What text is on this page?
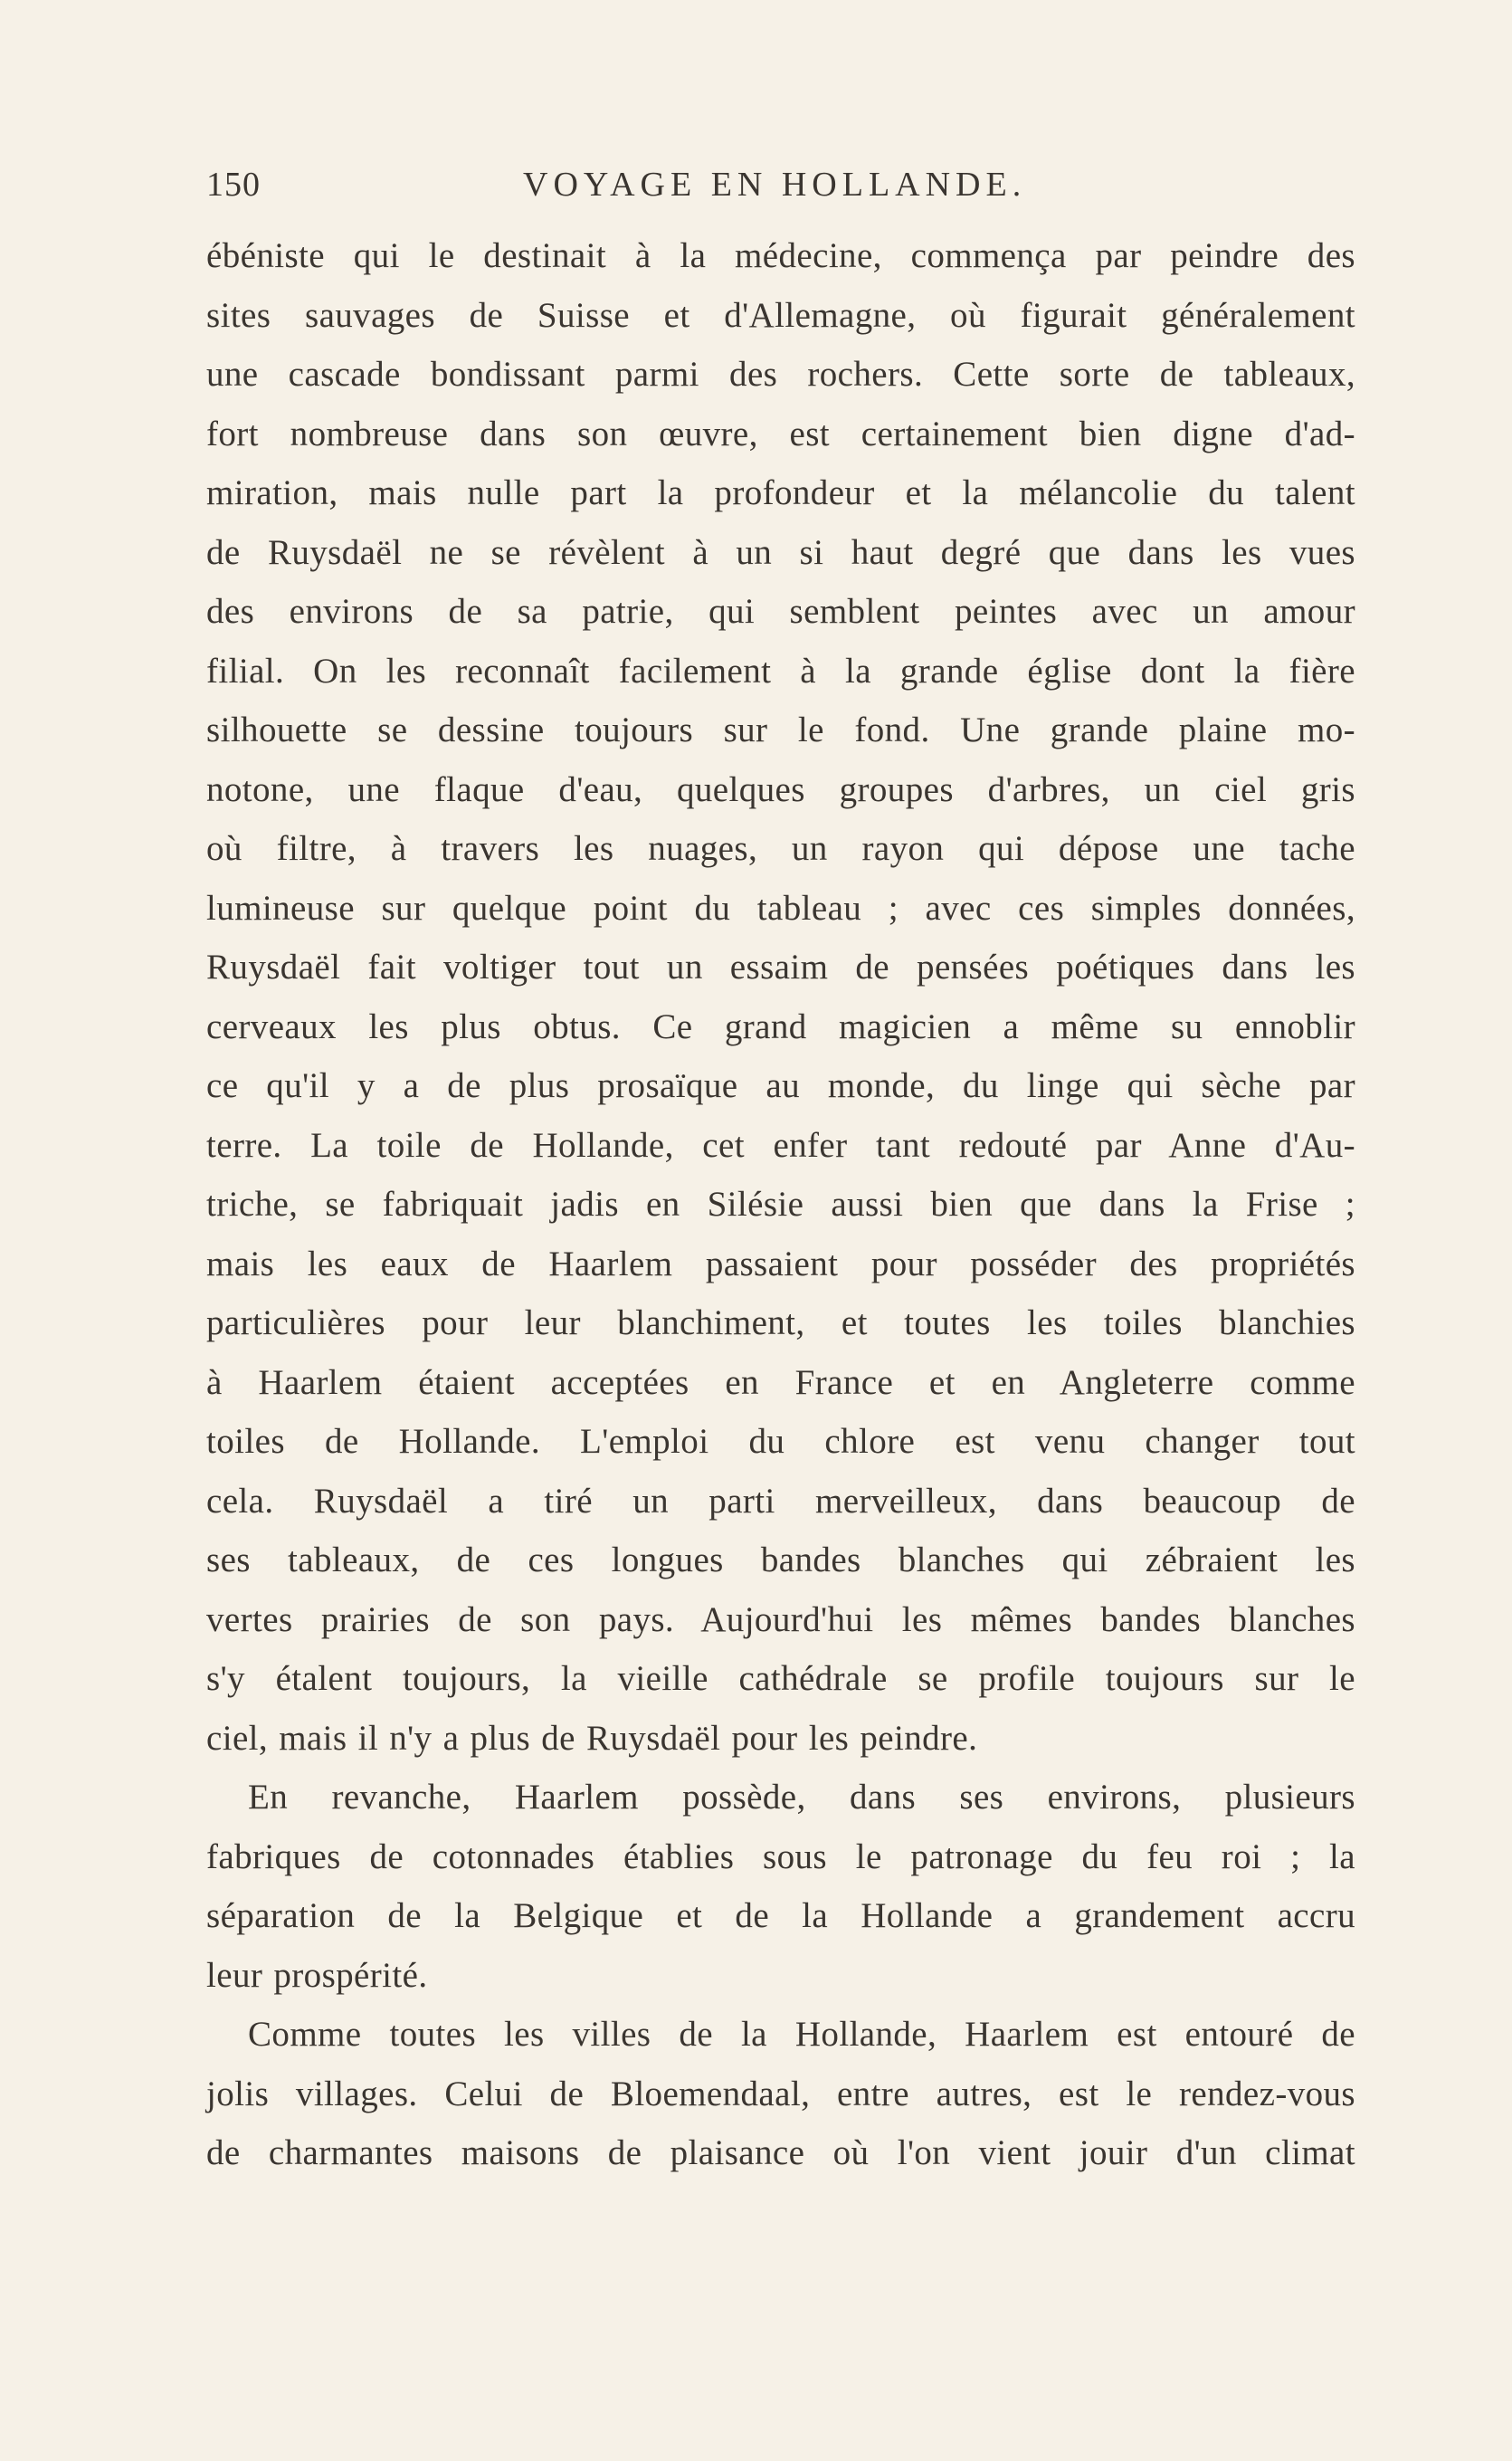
150	VOYAGE EN HOLLANDE.
ébéniste qui le destinait à la médecine, commença par peindre des
sites sauvages de Suisse et d'Allemagne, où figurait généralement
une cascade bondissant parmi des rochers. Cette sorte de tableaux,
fort nombreuse dans son œuvre, est certainement bien digne d'ad-
miration, mais nulle part la profondeur et la mélancolie du talent
de Ruysdaël ne se révèlent à un si haut degré que dans les vues
des environs de sa patrie, qui semblent peintes avec un amour
filial. On les reconnaît facilement à la grande église dont la fière
silhouette se dessine toujours sur le fond. Une grande plaine mo-
notone, une flaque d'eau, quelques groupes d'arbres, un ciel gris
où filtre, à travers les nuages, un rayon qui dépose une tache
lumineuse sur quelque point du tableau ; avec ces simples données,
Ruysdaël fait voltiger tout un essaim de pensées poétiques dans les
cerveaux les plus obtus. Ce grand magicien a même su ennoblir
ce qu'il y a de plus prosaïque au monde, du linge qui sèche par
terre. La toile de Hollande, cet enfer tant redouté par Anne d'Au-
triche, se fabriquait jadis en Silésie aussi bien que dans la Frise ;
mais les eaux de Haarlem passaient pour posséder des propriétés
particulières pour leur blanchiment, et toutes les toiles blanchies
à Haarlem étaient acceptées en France et en Angleterre comme
toiles de Hollande. L'emploi du chlore est venu changer tout
cela. Ruysdaël a tiré un parti merveilleux, dans beaucoup de
ses tableaux, de ces longues bandes blanches qui zébraient les
vertes prairies de son pays. Aujourd'hui les mêmes bandes blanches
s'y étalent toujours, la vieille cathédrale se profile toujours sur le
ciel, mais il n'y a plus de Ruysdaël pour les peindre.
En revanche, Haarlem possède, dans ses environs, plusieurs
fabriques de cotonnades établies sous le patronage du feu roi ; la
séparation de la Belgique et de la Hollande a grandement accru
leur prospérité.
Comme toutes les villes de la Hollande, Haarlem est entouré de
jolis villages. Celui de Bloemendaal, entre autres, est le rendez-vous
de charmantes maisons de plaisance où l'on vient jouir d'un climat
